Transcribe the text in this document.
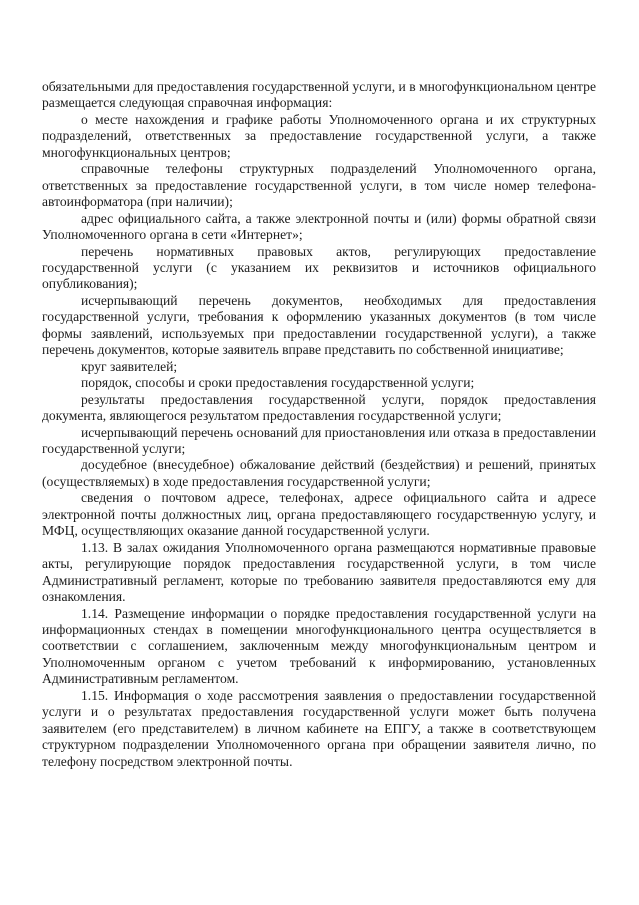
обязательными для предоставления государственной услуги, и в многофункциональном центре размещается следующая справочная информация:

о месте нахождения и графике работы Уполномоченного органа и их структурных подразделений, ответственных за предоставление государственной услуги, а также многофункциональных центров;

справочные телефоны структурных подразделений Уполномоченного органа, ответственных за предоставление государственной услуги, в том числе номер телефона-автоинформатора (при наличии);

адрес официального сайта, а также электронной почты и (или) формы обратной связи Уполномоченного органа в сети «Интернет»;

перечень нормативных правовых актов, регулирующих предоставление государственной услуги (с указанием их реквизитов и источников официального опубликования);

исчерпывающий перечень документов, необходимых для предоставления государственной услуги, требования к оформлению указанных документов (в том числе формы заявлений, используемых при предоставлении государственной услуги), а также перечень документов, которые заявитель вправе представить по собственной инициативе;

круг заявителей;

порядок, способы и сроки предоставления государственной услуги;

результаты предоставления государственной услуги, порядок предоставления документа, являющегося результатом предоставления государственной услуги;

исчерпывающий перечень оснований для приостановления или отказа в предоставлении государственной услуги;

досудебное (внесудебное) обжалование действий (бездействия) и решений, принятых (осуществляемых) в ходе предоставления государственной услуги;

сведения о почтовом адресе, телефонах, адресе официального сайта и адресе электронной почты должностных лиц, органа предоставляющего государственную услугу, и МФЦ, осуществляющих оказание данной государственной услуги.

1.13. В залах ожидания Уполномоченного органа размещаются нормативные правовые акты, регулирующие порядок предоставления государственной услуги, в том числе Административный регламент, которые по требованию заявителя предоставляются ему для ознакомления.

1.14. Размещение информации о порядке предоставления государственной услуги на информационных стендах в помещении многофункционального центра осуществляется в соответствии с соглашением, заключенным между многофункциональным центром и Уполномоченным органом с учетом требований к информированию, установленных Административным регламентом.

1.15. Информация о ходе рассмотрения заявления о предоставлении государственной услуги и о результатах предоставления государственной услуги может быть получена заявителем (его представителем) в личном кабинете на ЕПГУ, а также в соответствующем структурном подразделении Уполномоченного органа при обращении заявителя лично, по телефону посредством электронной почты.
